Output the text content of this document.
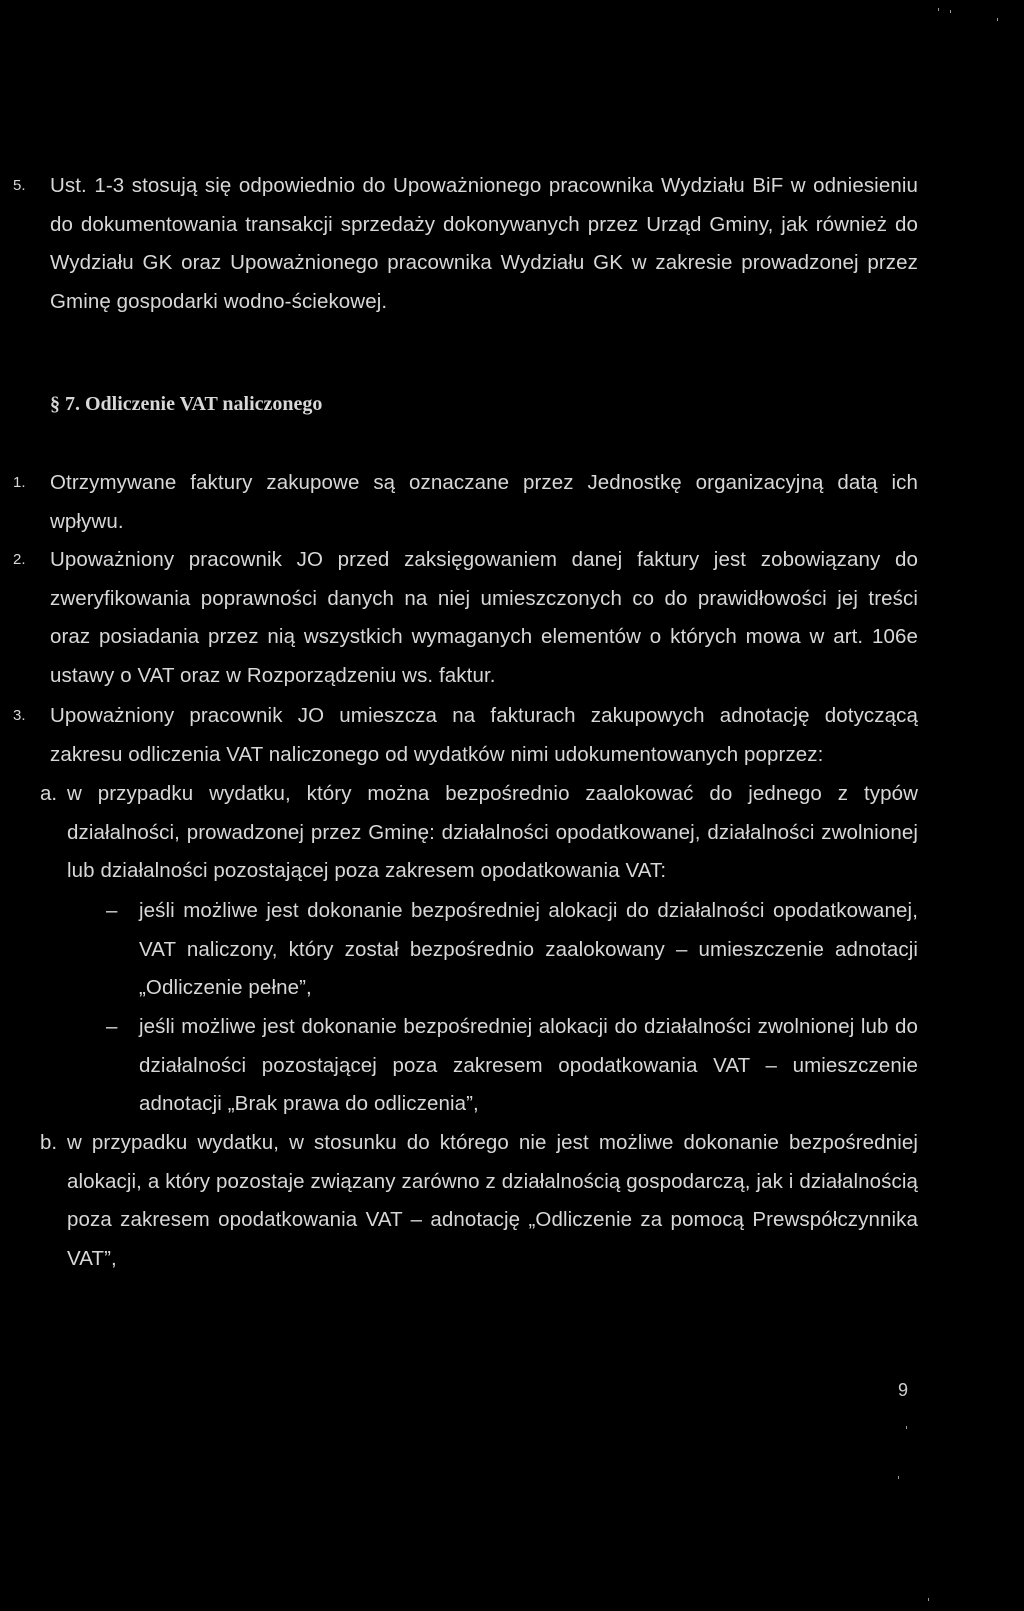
5. Ust. 1-3 stosują się odpowiednio do Upoważnionego pracownika Wydziału BiF w odniesieniu do dokumentowania transakcji sprzedaży dokonywanych przez Urząd Gminy, jak również do Wydziału GK oraz Upoważnionego pracownika Wydziału GK w zakresie prowadzonej przez Gminę gospodarki wodno-ściekowej.
§ 7. Odliczenie VAT naliczonego
1. Otrzymywane faktury zakupowe są oznaczane przez Jednostkę organizacyjną datą ich wpływu.
2. Upoważniony pracownik JO przed zaksięgowaniem danej faktury jest zobowiązany do zweryfikowania poprawności danych na niej umieszczonych co do prawidłowości jej treści oraz posiadania przez nią wszystkich wymaganych elementów o których mowa w art. 106e ustawy o VAT oraz w Rozporządzeniu ws. faktur.
3. Upoważniony pracownik JO umieszcza na fakturach zakupowych adnotację dotyczącą zakresu odliczenia VAT naliczonego od wydatków nimi udokumentowanych poprzez:
a. w przypadku wydatku, który można bezpośrednio zaalokować do jednego z typów działalności, prowadzonej przez Gminę: działalności opodatkowanej, działalności zwolnionej lub działalności pozostającej poza zakresem opodatkowania VAT:
– jeśli możliwe jest dokonanie bezpośredniej alokacji do działalności opodatkowanej, VAT naliczony, który został bezpośrednio zaalokowany – umieszczenie adnotacji „Odliczenie pełne”,
– jeśli możliwe jest dokonanie bezpośredniej alokacji do działalności zwolnionej lub do działalności pozostającej poza zakresem opodatkowania VAT – umieszczenie adnotacji „Brak prawa do odliczenia”,
b. w przypadku wydatku, w stosunku do którego nie jest możliwe dokonanie bezpośredniej alokacji, a który pozostaje związany zarówno z działalnością gospodarczą, jak i działalnością poza zakresem opodatkowania VAT – adnotację „Odliczenie za pomocą Prewspółczynnika VAT”,
9
